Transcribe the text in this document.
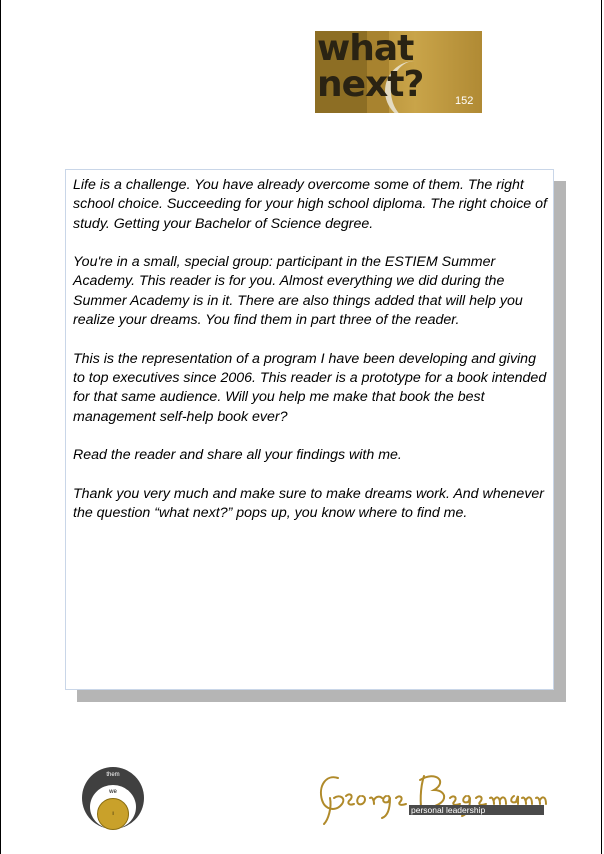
what
next?	152

Life is a challenge. You have already overcome some of them. The right school choice. Succeeding for your high school diploma. The right choice of study. Getting your Bachelor of Science degree.

You're in a small, special group: participant in the ESTIEM Summer Academy. This reader is for you. Almost everything we did during the Summer Academy is in it. There are also things added that will help you realize your dreams. You find them in part three of the reader.

This is the representation of a program I have been developing and giving to top executives since 2006. This reader is a prototype for a book intended for that same audience. Will you help me make that book the best management self-help book ever?

Read the reader and share all your findings with me.

Thank you very much and make sure to make dreams work. And whenever the question “what next?” pops up, you know where to find me.

them
we
i	personal leadership
